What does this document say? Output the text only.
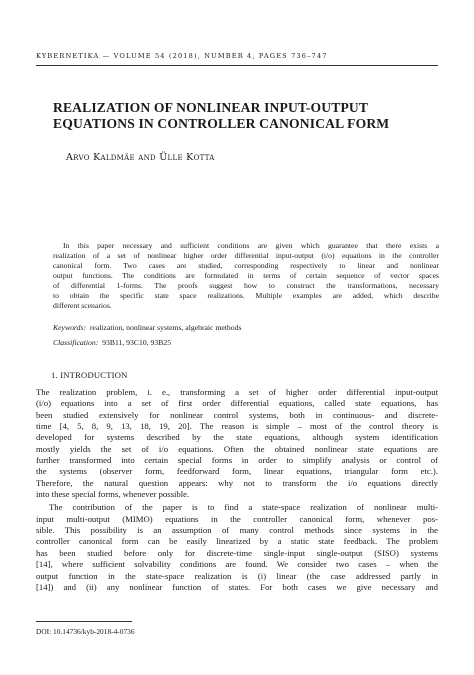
KYBERNETIKA — VOLUME 54 (2018), NUMBER 4, PAGES 736–747
REALIZATION OF NONLINEAR INPUT-OUTPUT
EQUATIONS IN CONTROLLER CANONICAL FORM
Arvo Kaldmäe and Ülle Kotta
In this paper necessary and sufficient conditions are given which guarantee that there exists a
realization of a set of nonlinear higher order differential input-output (i/o) equations in the controller
canonical form. Two cases are studied, corresponding respectively to linear and nonlinear
output functions. The conditions are formulated in terms of certain sequence of vector spaces
of differential 1-forms. The proofs suggest how to construct the transformations, necessary
to obtain the specific state space realizations. Multiple examples are added, which describe
different scenarios.
Keywords: realization, nonlinear systems, algebraic methods
Classification: 93B11, 93C10, 93B25
1. INTRODUCTION
The realization problem, i. e., transforming a set of higher order differential input-output
(i/o) equations into a set of first order differential equations, called state equations, has
been studied extensively for nonlinear control systems, both in continuous- and discrete-
time [4, 5, 8, 9, 13, 18, 19, 20]. The reason is simple – most of the control theory is
developed for systems described by the state equations, although system identification
mostly yields the set of i/o equations. Often the obtained nonlinear state equations are
further transformed into certain special forms in order to simplify analysis or control of
the systems (observer form, feedforward form, linear equations, triangular form etc.).
Therefore, the natural question appears: why not to transform the i/o equations directly
into these special forms, whenever possible.
The contribution of the paper is to find a state-space realization of nonlinear multi-
input multi-output (MIMO) equations in the controller canonical form, whenever pos-
sible. This possibility is an assumption of many control methods since systems in the
controller canonical form can be easily linearized by a static state feedback. The problem
has been studied before only for discrete-time single-input single-output (SISO) systems
[14], where sufficient solvability conditions are found. We consider two cases – when the
output function in the state-space realization is (i) linear (the case addressed partly in
[14]) and (ii) any nonlinear function of states. For both cases we give necessary and
DOI: 10.14736/kyb-2018-4-0736
